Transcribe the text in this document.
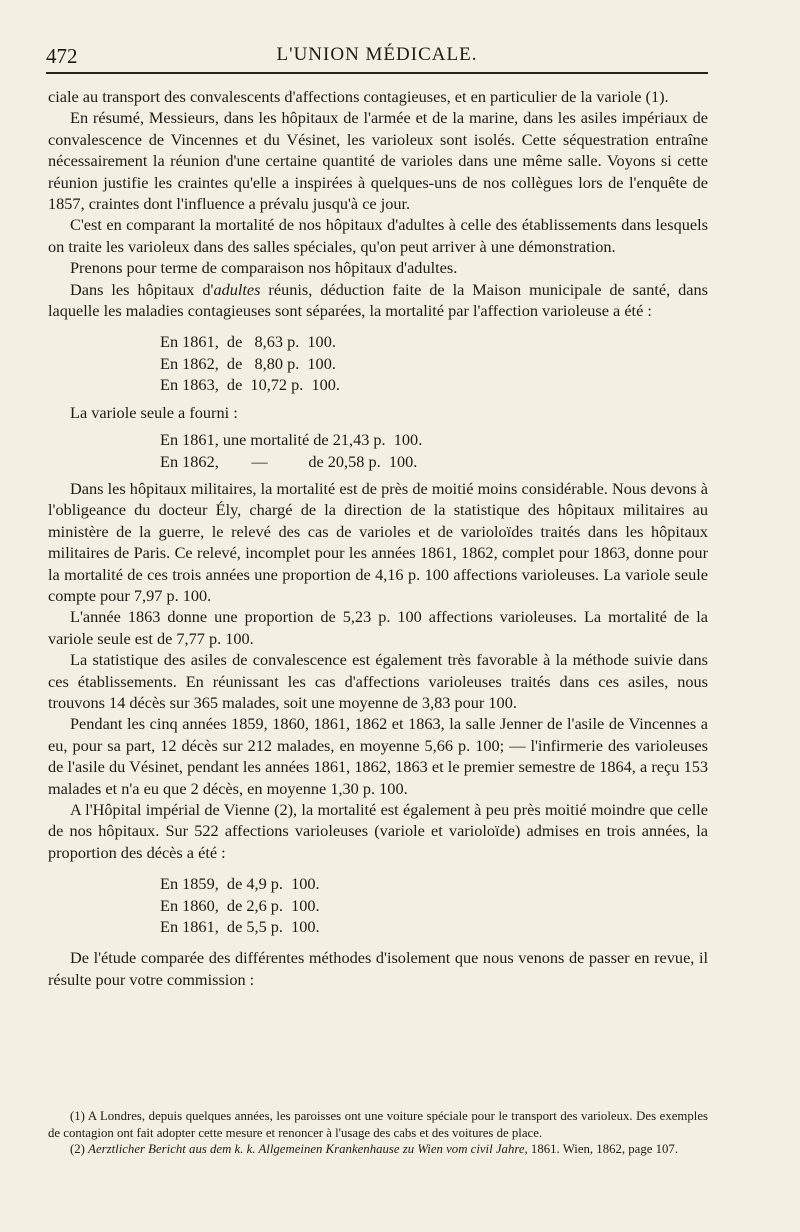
472	L'UNION MÉDICALE.

ciale au transport des convalescents d'affections contagieuses, et en particulier de la variole (1).

En résumé, Messieurs, dans les hôpitaux de l'armée et de la marine, dans les asiles impériaux de convalescence de Vincennes et du Vésinet, les varioleux sont isolés. Cette séquestration entraîne nécessairement la réunion d'une certaine quantité de varioles dans une même salle. Voyons si cette réunion justifie les craintes qu'elle a inspirées à quelques-uns de nos collègues lors de l'enquête de 1857, craintes dont l'influence a prévalu jusqu'à ce jour.

C'est en comparant la mortalité de nos hôpitaux d'adultes à celle des établissements dans lesquels on traite les varioleux dans des salles spéciales, qu'on peut arriver à une démonstration.

Prenons pour terme de comparaison nos hôpitaux d'adultes.

Dans les hôpitaux d'adultes réunis, déduction faite de la Maison municipale de santé, dans laquelle les maladies contagieuses sont séparées, la mortalité par l'affection varioleuse a été :

En 1861,  de   8,63 p.  100.
En 1862,  de   8,80 p.  100.
En 1863,  de  10,72 p.  100.

La variole seule a fourni :

En 1861, une mortalité de 21,43 p.  100.
En 1862,        —          de 20,58 p.  100.

Dans les hôpitaux militaires, la mortalité est de près de moitié moins considérable. Nous devons à l'obligeance du docteur Ély, chargé de la direction de la statistique des hôpitaux militaires au ministère de la guerre, le relevé des cas de varioles et de varioloïdes traités dans les hôpitaux militaires de Paris. Ce relevé, incomplet pour les années 1861, 1862, complet pour 1863, donne pour la mortalité de ces trois années une proportion de 4,16 p. 100 affections varioleuses. La variole seule compte pour 7,97 p. 100.

L'année 1863 donne une proportion de 5,23 p. 100 affections varioleuses. La mortalité de la variole seule est de 7,77 p. 100.

La statistique des asiles de convalescence est également très favorable à la méthode suivie dans ces établissements. En réunissant les cas d'affections varioleuses traités dans ces asiles, nous trouvons 14 décès sur 365 malades, soit une moyenne de 3,83 pour 100.

Pendant les cinq années 1859, 1860, 1861, 1862 et 1863, la salle Jenner de l'asile de Vincennes a eu, pour sa part, 12 décès sur 212 malades, en moyenne 5,66 p. 100; — l'infirmerie des varioleuses de l'asile du Vésinet, pendant les années 1861, 1862, 1863 et le premier semestre de 1864, a reçu 153 malades et n'a eu que 2 décès, en moyenne 1,30 p. 100.

A l'Hôpital impérial de Vienne (2), la mortalité est également à peu près moitié moindre que celle de nos hôpitaux. Sur 522 affections varioleuses (variole et varioloïde) admises en trois années, la proportion des décès a été :

En 1859,  de 4,9 p.  100.
En 1860,  de 2,6 p.  100.
En 1861,  de 5,5 p.  100.

De l'étude comparée des différentes méthodes d'isolement que nous venons de passer en revue, il résulte pour votre commission :

(1) A Londres, depuis quelques années, les paroisses ont une voiture spéciale pour le transport des varioleux. Des exemples de contagion ont fait adopter cette mesure et renoncer à l'usage des cabs et des voitures de place.

(2) Aerztlicher Bericht aus dem k. k. Allgemeinen Krankenhause zu Wien vom civil Jahre, 1861. Wien, 1862, page 107.
